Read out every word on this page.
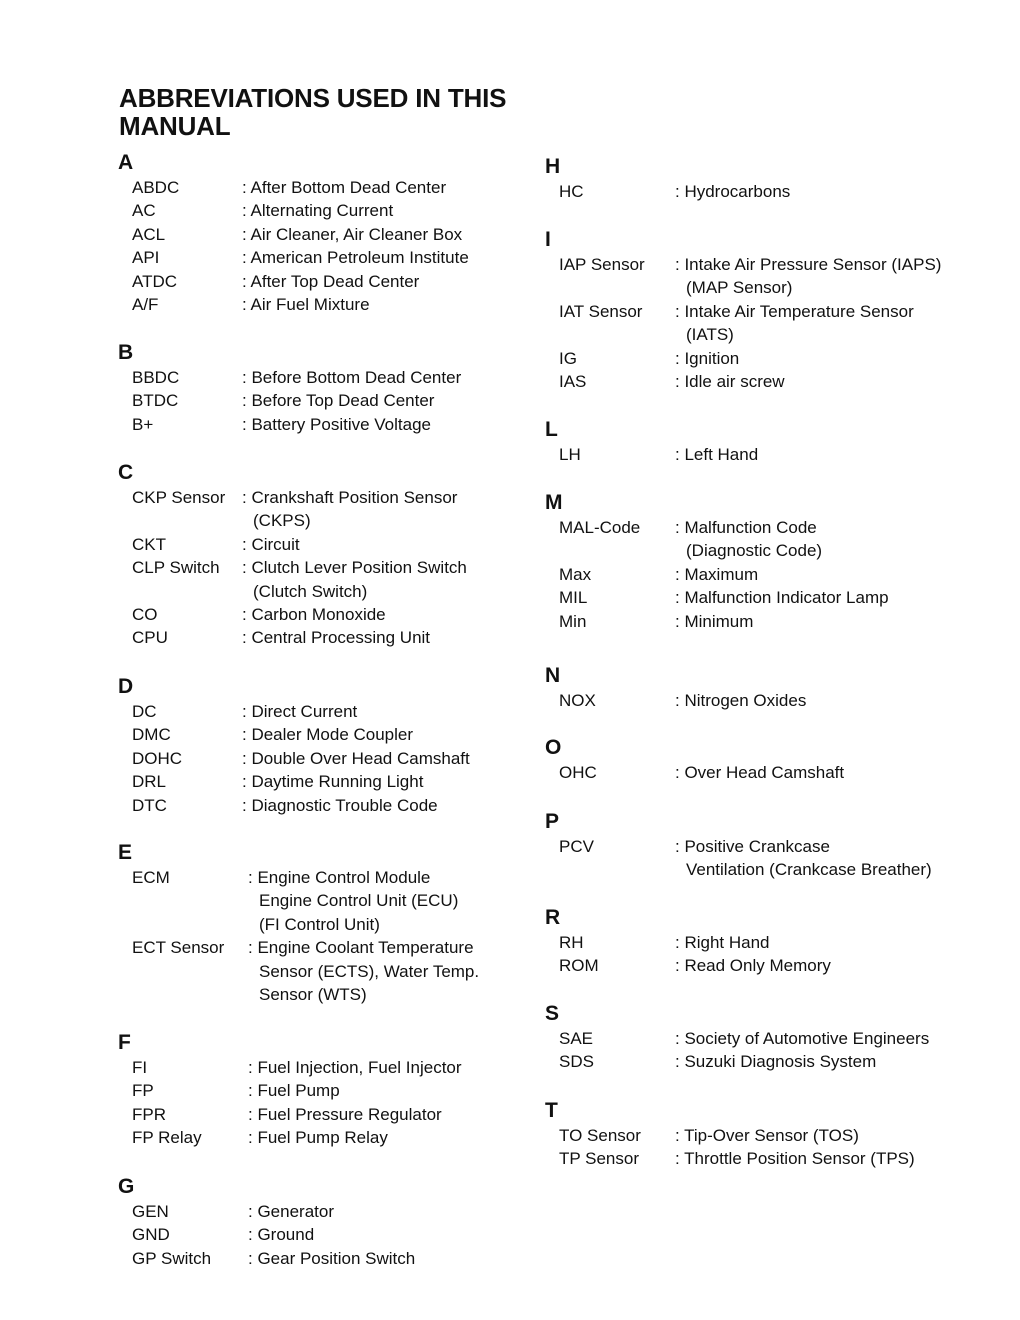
ABBREVIATIONS USED IN THIS MANUAL
A
ABDC	: After Bottom Dead Center
AC	: Alternating Current
ACL	: Air Cleaner, Air Cleaner Box
API	: American Petroleum Institute
ATDC	: After Top Dead Center
A/F	: Air Fuel Mixture
B
BBDC	: Before Bottom Dead Center
BTDC	: Before Top Dead Center
B+	: Battery Positive Voltage
C
CKP Sensor : Crankshaft Position Sensor
(CKPS)
CKT	: Circuit
CLP Switch : Clutch Lever Position Switch
(Clutch Switch)
CO	: Carbon Monoxide
CPU	: Central Processing Unit
D
DC	: Direct Current
DMC	: Dealer Mode Coupler
DOHC	: Double Over Head Camshaft
DRL	: Daytime Running Light
DTC	: Diagnostic Trouble Code
E
ECM	: Engine Control Module
Engine Control Unit (ECU)
(FI Control Unit)
ECT Sensor : Engine Coolant Temperature
Sensor (ECTS), Water Temp.
Sensor (WTS)
F
FI	: Fuel Injection, Fuel Injector
FP	: Fuel Pump
FPR	: Fuel Pressure Regulator
FP Relay	: Fuel Pump Relay
G
GEN	: Generator
GND	: Ground
GP Switch : Gear Position Switch
H
HC	: Hydrocarbons
I
IAP Sensor : Intake Air Pressure Sensor (IAPS)
(MAP Sensor)
IAT Sensor : Intake Air Temperature Sensor
(IATS)
IG	: Ignition
IAS	: Idle air screw
L
LH	: Left Hand
M
MAL-Code : Malfunction Code
(Diagnostic Code)
Max	: Maximum
MIL	: Malfunction Indicator Lamp
Min	: Minimum
N
NOX	: Nitrogen Oxides
O
OHC	: Over Head Camshaft
P
PCV	: Positive Crankcase
Ventilation (Crankcase Breather)
R
RH	: Right Hand
ROM	: Read Only Memory
S
SAE	: Society of Automotive Engineers
SDS	: Suzuki Diagnosis System
T
TO Sensor : Tip-Over Sensor (TOS)
TP Sensor : Throttle Position Sensor (TPS)
